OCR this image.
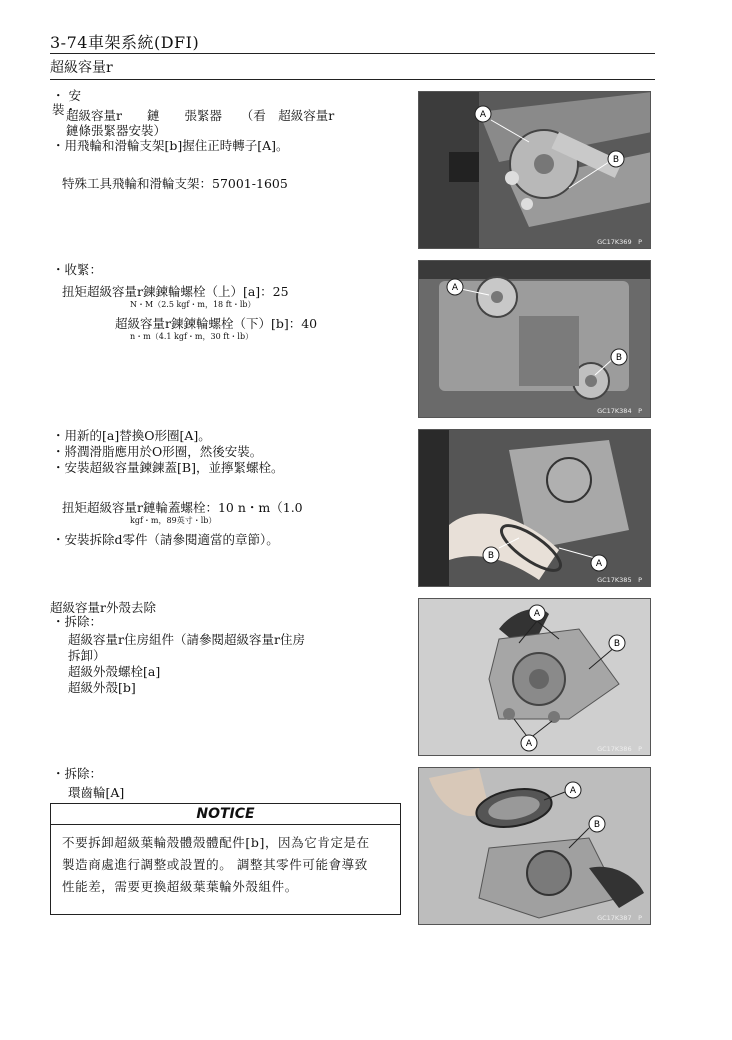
3-74車架系統(DFI)
超級容量r
・ 安
裝・
超級容量r　　鏈　　張緊器　　（看　超級容量r
鏈條張緊器安裝）
・用飛輪和滑輪支架[b]握住正時轉子[A]。
特殊工具飛輪和滑輪支架：57001-1605
・收緊：
扭矩超級容量r鍊鍊輪螺栓（上）[a]：25
N・M（2.5 kgf・m，18 ft・lb）
超級容量r鍊鍊輪螺栓（下）[b]：40
n・m（4.1 kgf・m，30 ft・lb）
・用新的[a]替換O形圈[A]。
・將潤滑脂應用於O形圈，然後安裝。
・安裝超級容量鍊鍊蓋[B]，並擰緊螺栓。
扭矩超級容量r鏈輪蓋螺栓：10 n・m（1.0
kgf・m，89英寸・lb）
・安裝拆除d零件（請參閱適當的章節）。
超級容量r外殼去除
・拆除：
超級容量r住房組件（請參閱超級容量r住房
拆卸）
超級外殼螺栓[a]
超級外殼[b]
・拆除：
環齒輪[A]
NOTICE
不要拆卸超級葉輪殼體殼體配件[b]，因為它肯定是在
製造商處進行調整或設置的。 調整其零件可能會導致
性能差，需要更換超級葉葉輪外殼組件。
A
B
GC17K369　P
A
B
GC17K384　P
B
A
GC17K385　P
A
B
A	GC17K386　P
A
B
GC17K387　P
